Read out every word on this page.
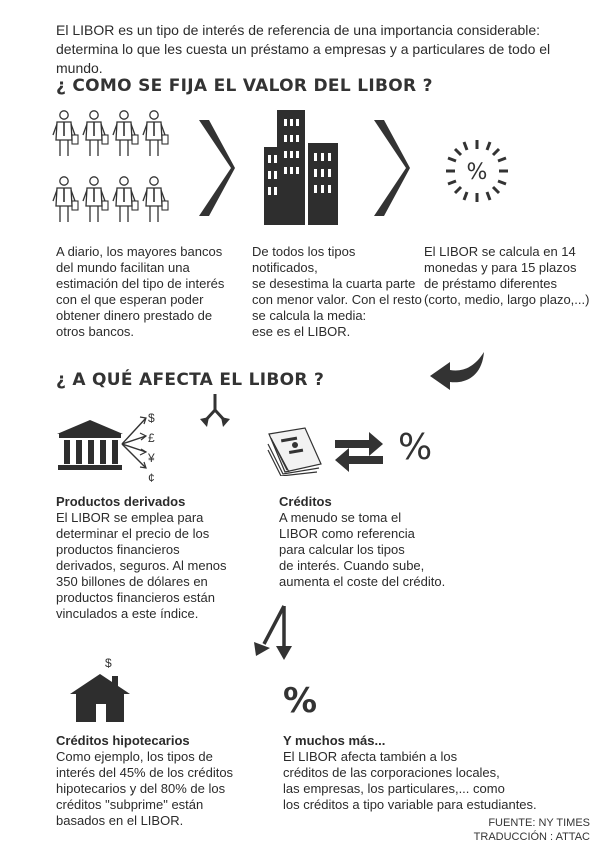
El LIBOR es un tipo de interés de referencia de una importancia considerable: determina lo que les cuesta un préstamo a empresas y a particulares de todo el mundo.
¿ COMO SE FIJA EL VALOR DEL LIBOR ?
%
A diario, los mayores bancos
del mundo facilitan una
estimación del tipo de interés
con el que esperan poder
obtener dinero prestado de
otros bancos.
De todos los tipos notificados,
se desestima la cuarta parte
con menor valor. Con el resto
se calcula la media:
ese es el LIBOR.
El LIBOR se calcula en 14
monedas y para 15 plazos
de préstamo diferentes
(corto, medio, largo plazo,...)
¿ A QUÉ AFECTA EL LIBOR ?
$
£
¥
¢
%
Productos derivados
El LIBOR se emplea para
determinar el precio de los
productos financieros
derivados, seguros. Al menos
350 billones de dólares en
productos financieros están
vinculados a este índice.
Créditos
A menudo se toma el
LIBOR como referencia
para calcular los tipos
de interés. Cuando sube,
aumenta el coste del crédito.
$
%
Créditos hipotecarios
Como ejemplo, los tipos de
interés del 45% de los créditos
hipotecarios y del 80% de los
créditos "subprime" están
basados en el LIBOR.
Y muchos más...
El LIBOR afecta también a los
créditos de las corporaciones locales,
las empresas, los particulares,... como
los créditos a tipo variable para estudiantes.
FUENTE: NY TIMES
TRADUCCIÓN : ATTAC
